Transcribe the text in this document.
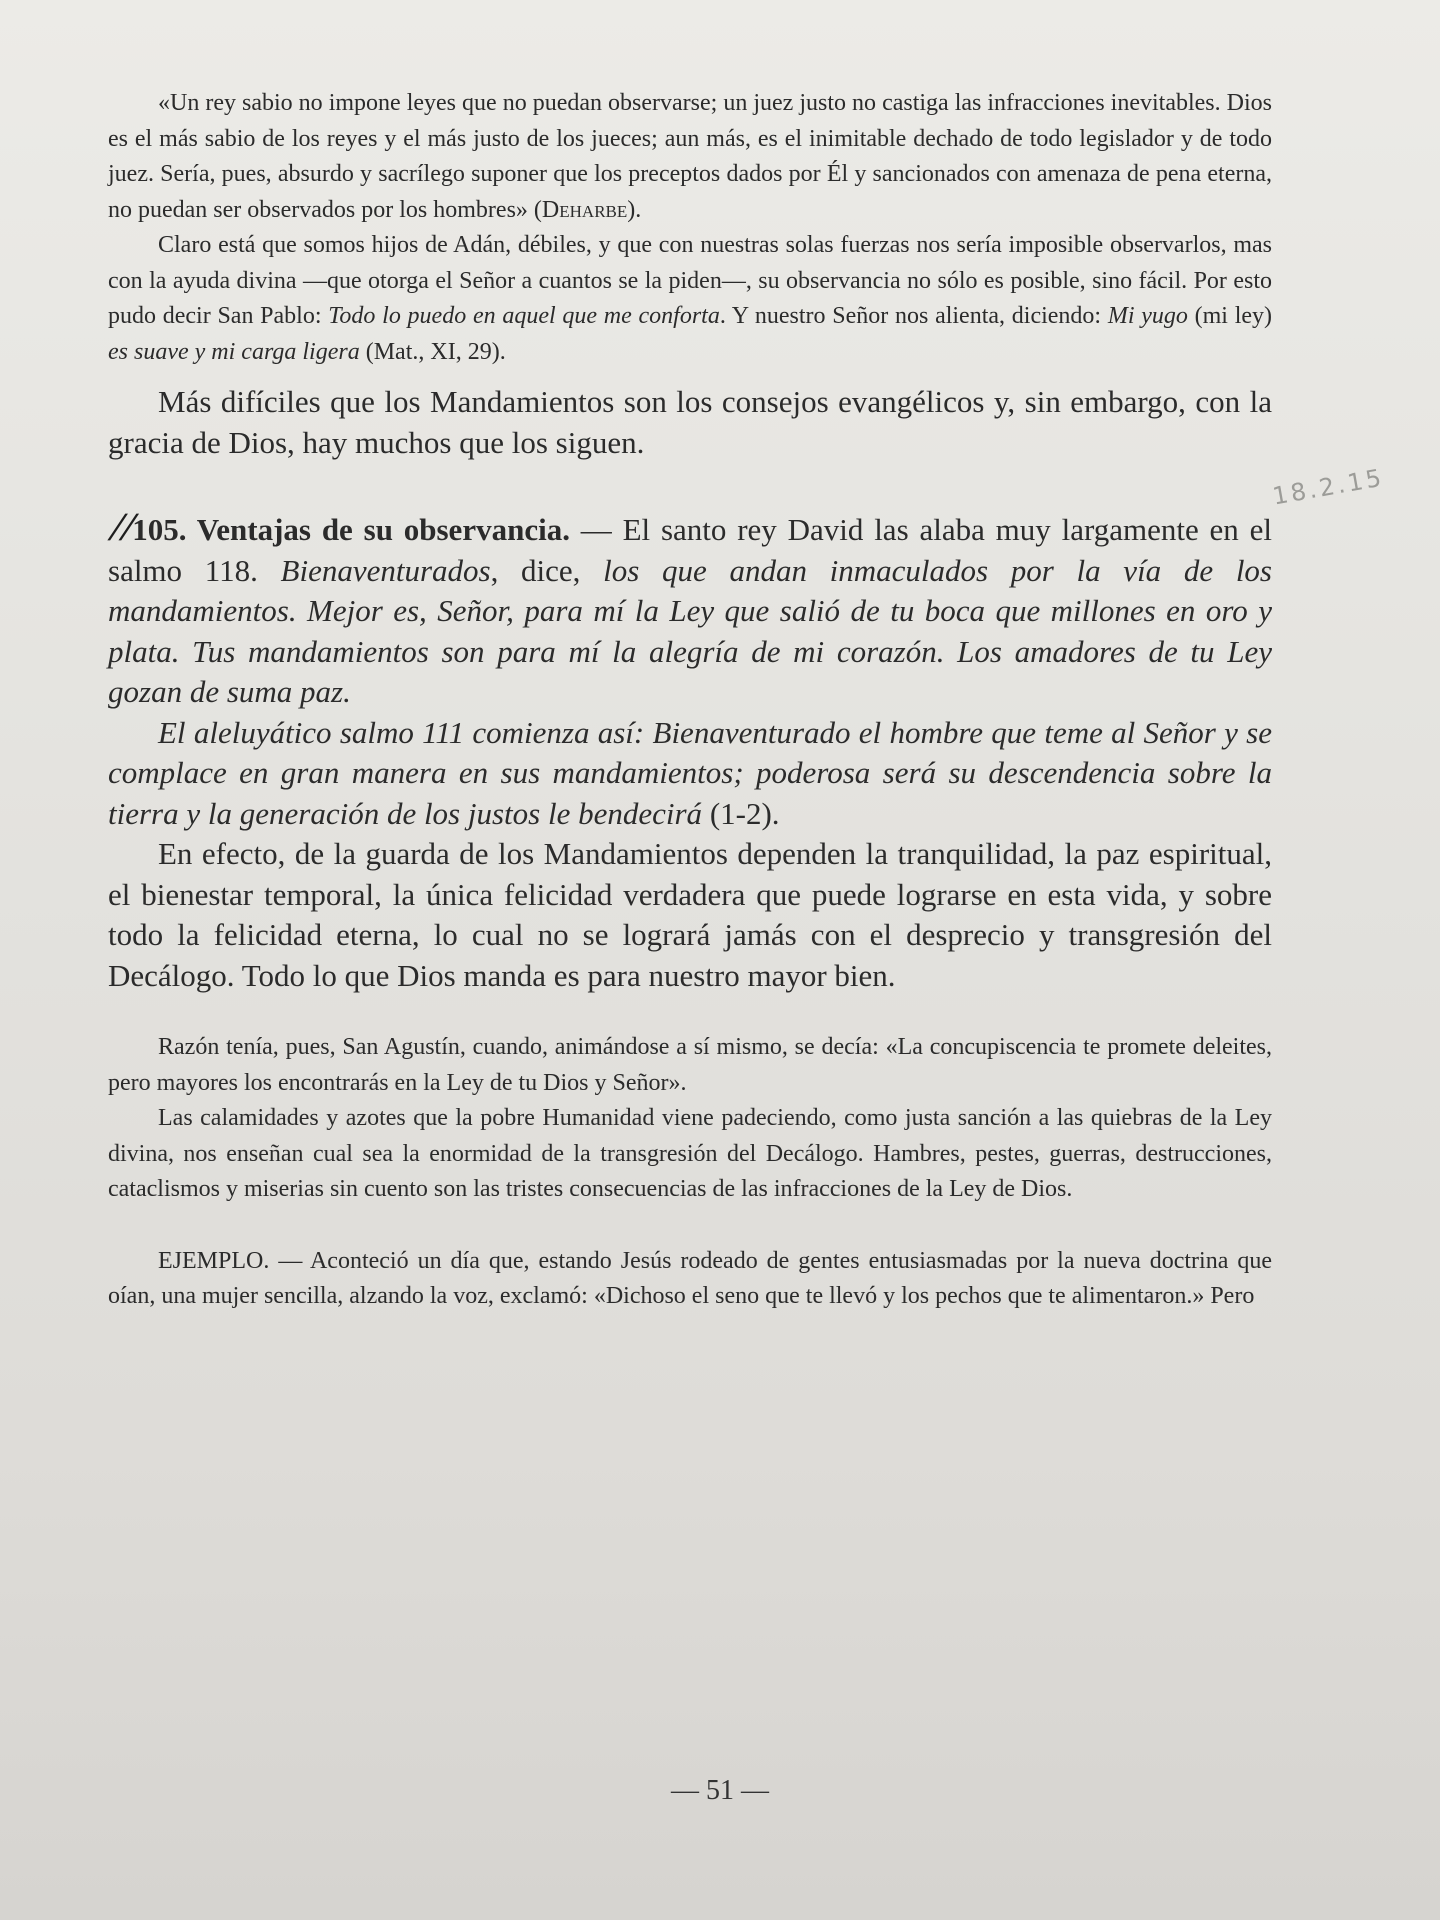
«Un rey sabio no impone leyes que no puedan observarse; un juez justo no castiga las infracciones inevitables. Dios es el más sabio de los reyes y el más justo de los jueces; aun más, es el inimitable dechado de todo legislador y de todo juez. Sería, pues, absurdo y sacrílego suponer que los preceptos dados por Él y sancionados con amenaza de pena eterna, no puedan ser observados por los hombres» (Deharbe).

Claro está que somos hijos de Adán, débiles, y que con nuestras solas fuerzas nos sería imposible observarlos, mas con la ayuda divina —que otorga el Señor a cuantos se la piden—, su observancia no sólo es posible, sino fácil. Por esto pudo decir San Pablo: Todo lo puedo en aquel que me conforta. Y nuestro Señor nos alienta, diciendo: Mi yugo (mi ley) es suave y mi carga ligera (Mat., XI, 29).

Más difíciles que los Mandamientos son los consejos evangélicos y, sin embargo, con la gracia de Dios, hay muchos que los siguen.

//105. Ventajas de su observancia. — El santo rey David las alaba muy largamente en el salmo 118. Bienaventurados, dice, los que andan inmaculados por la vía de los mandamientos. Mejor es, Señor, para mí la Ley que salió de tu boca que millones en oro y plata. Tus mandamientos son para mí la alegría de mi corazón. Los amadores de tu Ley gozan de suma paz.

El aleluyático salmo 111 comienza así: Bienaventurado el hombre que teme al Señor y se complace en gran manera en sus mandamientos; poderosa será su descendencia sobre la tierra y la generación de los justos le bendecirá (1-2).

En efecto, de la guarda de los Mandamientos dependen la tranquilidad, la paz espiritual, el bienestar temporal, la única felicidad verdadera que puede lograrse en esta vida, y sobre todo la felicidad eterna, lo cual no se logrará jamás con el desprecio y transgresión del Decálogo. Todo lo que Dios manda es para nuestro mayor bien.

Razón tenía, pues, San Agustín, cuando, animándose a sí mismo, se decía: «La concupiscencia te promete deleites, pero mayores los encontrarás en la Ley de tu Dios y Señor».

Las calamidades y azotes que la pobre Humanidad viene padeciendo, como justa sanción a las quiebras de la Ley divina, nos enseñan cual sea la enormidad de la transgresión del Decálogo. Hambres, pestes, guerras, destrucciones, cataclismos y miserias sin cuento son las tristes consecuencias de las infracciones de la Ley de Dios.

EJEMPLO. — Aconteció un día que, estando Jesús rodeado de gentes entusiasmadas por la nueva doctrina que oían, una mujer sencilla, alzando la voz, exclamó: «Dichoso el seno que te llevó y los pechos que te alimentaron.» Pero

18.2.15
— 51 —
